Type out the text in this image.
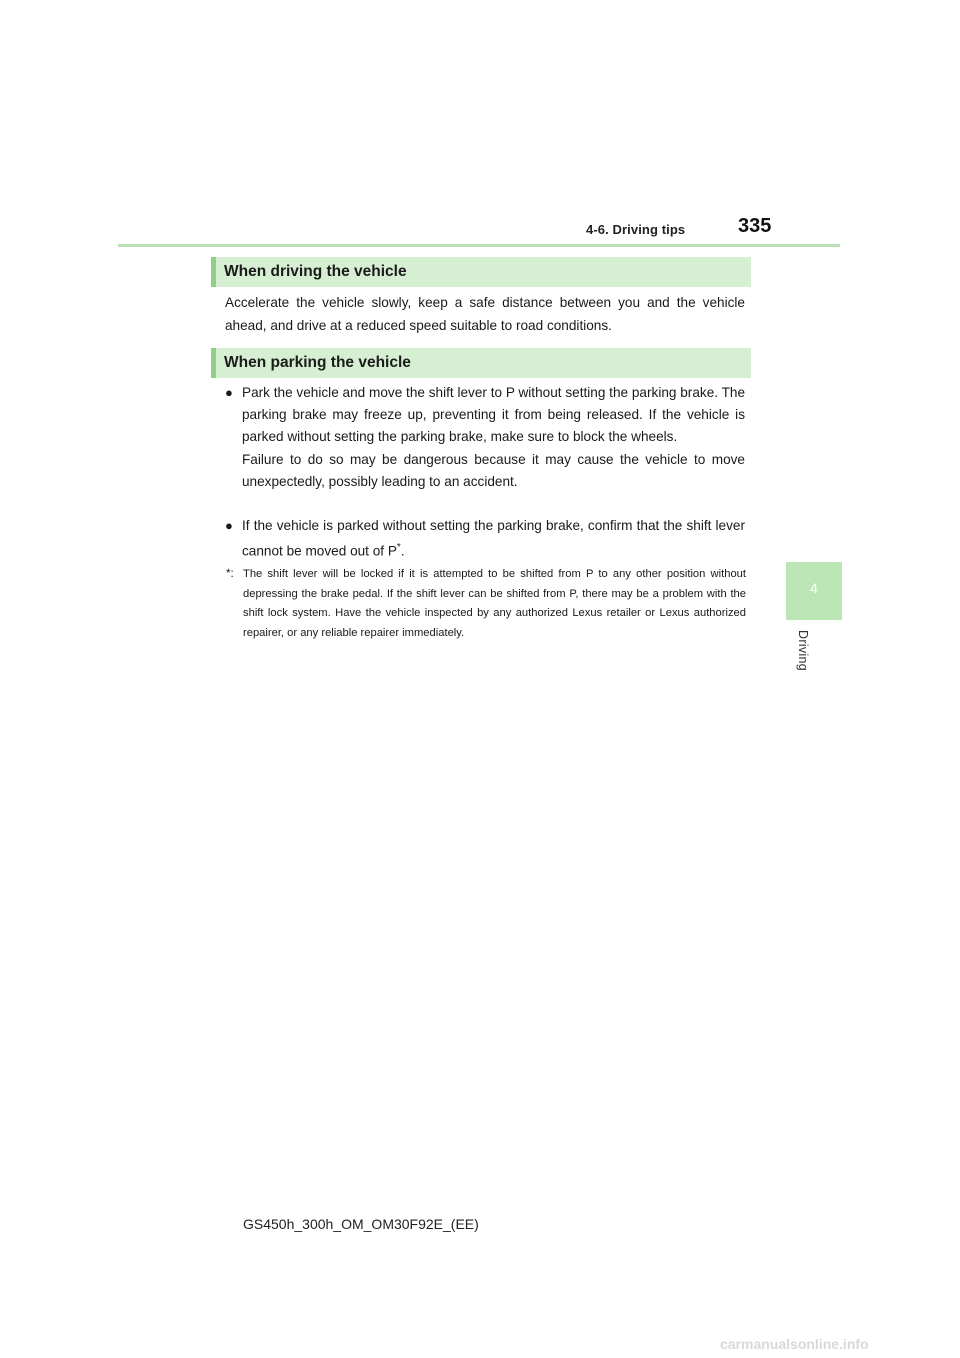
4-6. Driving tips	335
When driving the vehicle
Accelerate the vehicle slowly, keep a safe distance between you and the vehicle ahead, and drive at a reduced speed suitable to road conditions.
When parking the vehicle
● Park the vehicle and move the shift lever to P without setting the parking brake. The parking brake may freeze up, preventing it from being released. If the vehicle is parked without setting the parking brake, make sure to block the wheels.

Failure to do so may be dangerous because it may cause the vehicle to move unexpectedly, possibly leading to an accident.

● If the vehicle is parked without setting the parking brake, confirm that the shift lever cannot be moved out of P*.
*: The shift lever will be locked if it is attempted to be shifted from P to any other position without depressing the brake pedal. If the shift lever can be shifted from P, there may be a problem with the shift lock system. Have the vehicle inspected by any authorized Lexus retailer or Lexus authorized repairer, or any reliable repairer immediately.
4
Driving
GS450h_300h_OM_OM30F92E_(EE)
carmanualsonline.info
